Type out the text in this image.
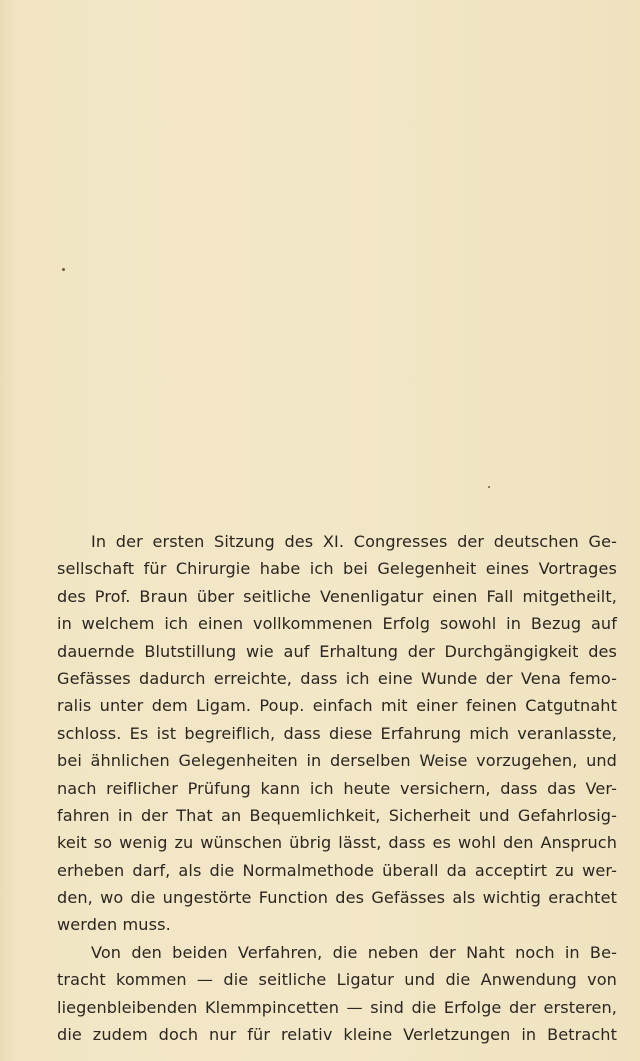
In der ersten Sitzung des XI. Congresses der deutschen Ge-
sellschaft für Chirurgie habe ich bei Gelegenheit eines Vortrages
des Prof. Braun über seitliche Venenligatur einen Fall mitgetheilt,
in welchem ich einen vollkommenen Erfolg sowohl in Bezug auf
dauernde Blutstillung wie auf Erhaltung der Durchgängigkeit des
Gefässes dadurch erreichte, dass ich eine Wunde der Vena femo-
ralis unter dem Ligam. Poup. einfach mit einer feinen Catgutnaht
schloss. Es ist begreiflich, dass diese Erfahrung mich veranlasste,
bei ähnlichen Gelegenheiten in derselben Weise vorzugehen, und
nach reiflicher Prüfung kann ich heute versichern, dass das Ver-
fahren in der That an Bequemlichkeit, Sicherheit und Gefahrlosig-
keit so wenig zu wünschen übrig lässt, dass es wohl den Anspruch
erheben darf, als die Normalmethode überall da acceptirt zu wer-
den, wo die ungestörte Function des Gefässes als wichtig erachtet
werden muss.
Von den beiden Verfahren, die neben der Naht noch in Be-
tracht kommen — die seitliche Ligatur und die Anwendung von
liegenbleibenden Klemmpincetten — sind die Erfolge der ersteren,
die zudem doch nur für relativ kleine Verletzungen in Betracht
